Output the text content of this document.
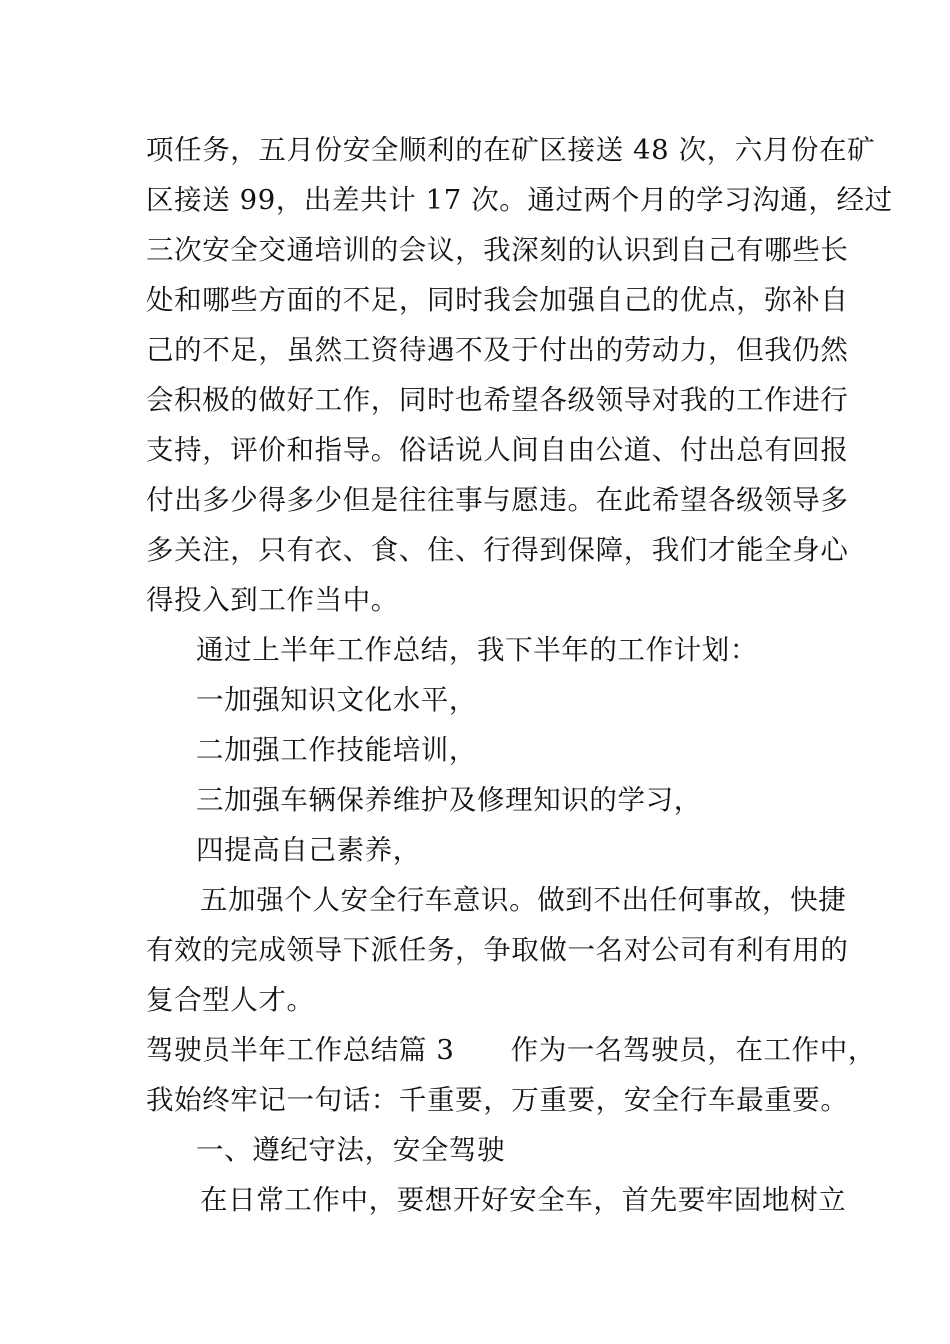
项任务，五月份安全顺利的在矿区接送 48 次，六月份在矿
区接送 99，出差共计 17 次。通过两个月的学习沟通，经过
三次安全交通培训的会议，我深刻的认识到自己有哪些长
处和哪些方面的不足，同时我会加强自己的优点，弥补自
己的不足，虽然工资待遇不及于付出的劳动力，但我仍然
会积极的做好工作，同时也希望各级领导对我的工作进行
支持，评价和指导。俗话说人间自由公道、付出总有回报
付出多少得多少但是往往事与愿违。在此希望各级领导多
多关注，只有衣、食、住、行得到保障，我们才能全身心
得投入到工作当中。
通过上半年工作总结，我下半年的工作计划：
一加强知识文化水平，
二加强工作技能培训，
三加强车辆保养维护及修理知识的学习，
四提高自己素养，
五加强个人安全行车意识。做到不出任何事故，快捷
有效的完成领导下派任务，争取做一名对公司有利有用的
复合型人才。
驾驶员半年工作总结篇 3　　作为一名驾驶员，在工作中，
我始终牢记一句话：千重要，万重要，安全行车最重要。
一、遵纪守法，安全驾驶
在日常工作中，要想开好安全车，首先要牢固地树立
